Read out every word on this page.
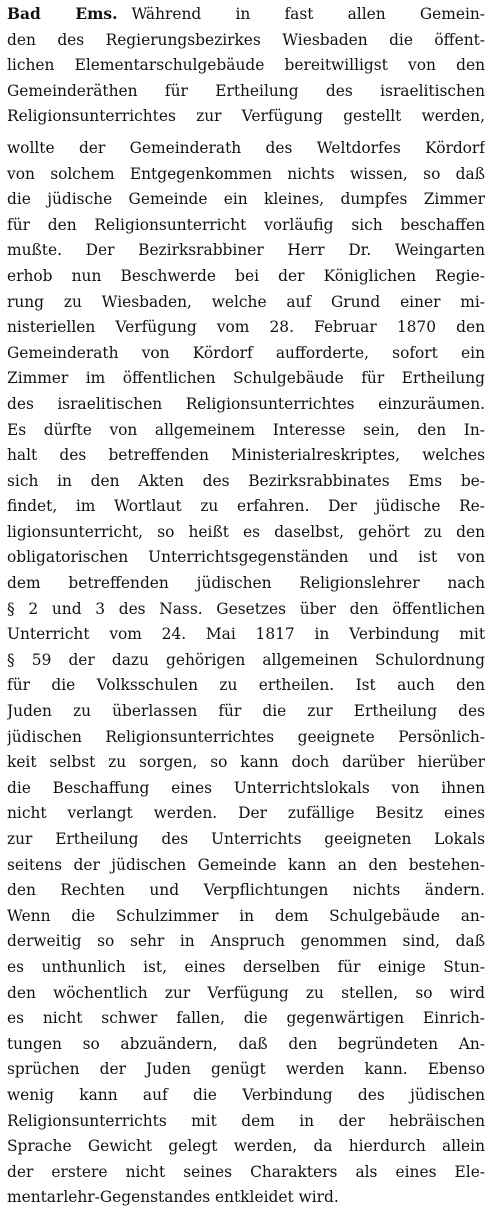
Bad Ems. Während in fast allen Gemein-
den des Regierungsbezirkes Wiesbaden die öffent-
lichen Elementarschulgebäude bereitwilligst von den
Gemeinderäthen für Ertheilung des israelitischen
Religionsunterrichtes zur Verfügung gestellt werden,
wollte der Gemeinderath des Weltdorfes Kördorf
von solchem Entgegenkommen nichts wissen, so daß
die jüdische Gemeinde ein kleines, dumpfes Zimmer
für den Religionsunterricht vorläufig sich beschaffen
mußte. Der Bezirksrabbiner Herr Dr. Weingarten
erhob nun Beschwerde bei der Königlichen Regie-
rung zu Wiesbaden, welche auf Grund einer mi-
nisteriellen Verfügung vom 28. Februar 1870 den
Gemeinderath von Kördorf aufforderte, sofort ein
Zimmer im öffentlichen Schulgebäude für Ertheilung
des israelitischen Religionsunterrichtes einzuräumen.
Es dürfte von allgemeinem Interesse sein, den In-
halt des betreffenden Ministerialreskriptes, welches
sich in den Akten des Bezirksrabbinates Ems be-
findet, im Wortlaut zu erfahren. Der jüdische Re-
ligionsunterricht, so heißt es daselbst, gehört zu den
obligatorischen Unterrichtsgegenständen und ist von
dem betreffenden jüdischen Religionslehrer nach
§ 2 und 3 des Nass. Gesetzes über den öffentlichen
Unterricht vom 24. Mai 1817 in Verbindung mit
§ 59 der dazu gehörigen allgemeinen Schulordnung
für die Volksschulen zu ertheilen. Ist auch den
Juden zu überlassen für die zur Ertheilung des
jüdischen Religionsunterrichtes geeignete Persönlich-
keit selbst zu sorgen, so kann doch darüber hierüber
die Beschaffung eines Unterrichtslokals von ihnen
nicht verlangt werden. Der zufällige Besitz eines
zur Ertheilung des Unterrichts geeigneten Lokals
seitens der jüdischen Gemeinde kann an den bestehen-
den Rechten und Verpflichtungen nichts ändern.
Wenn die Schulzimmer in dem Schulgebäude an-
derweitig so sehr in Anspruch genommen sind, daß
es unthunlich ist, eines derselben für einige Stun-
den wöchentlich zur Verfügung zu stellen, so wird
es nicht schwer fallen, die gegenwärtigen Einrich-
tungen so abzuändern, daß den begründeten An-
sprüchen der Juden genügt werden kann. Ebenso
wenig kann auf die Verbindung des jüdischen
Religionsunterrichts mit dem in der hebräischen
Sprache Gewicht gelegt werden, da hierdurch allein
der erstere nicht seines Charakters als eines Ele-
mentarlehr-Gegenstandes entkleidet wird.
